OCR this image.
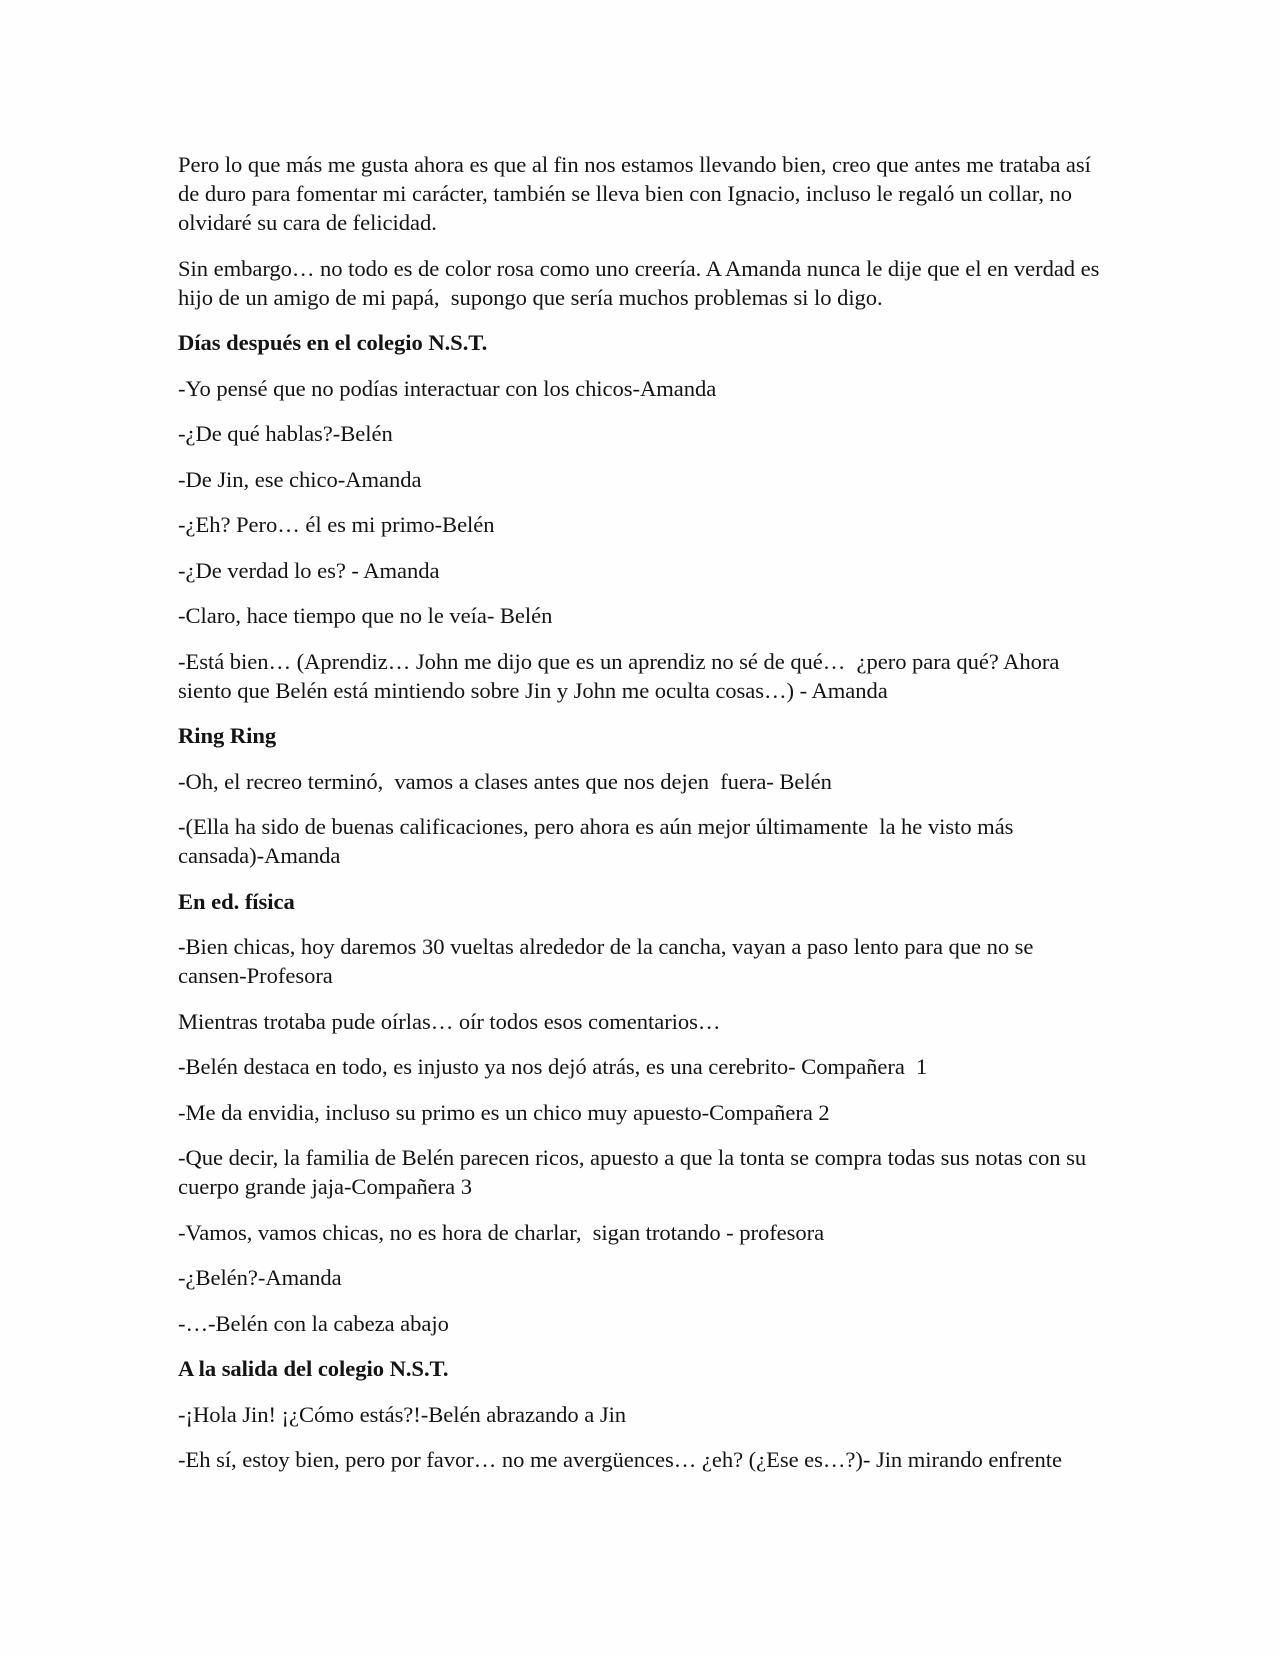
Pero lo que más me gusta ahora es que al fin nos estamos llevando bien, creo que antes me trataba así de duro para fomentar mi carácter, también se lleva bien con Ignacio, incluso le regaló un collar, no olvidaré su cara de felicidad.

Sin embargo… no todo es de color rosa como uno creería. A Amanda nunca le dije que el en verdad es hijo de un amigo de mi papá,  supongo que sería muchos problemas si lo digo.

Días después en el colegio N.S.T.

-Yo pensé que no podías interactuar con los chicos-Amanda

-¿De qué hablas?-Belén

-De Jin, ese chico-Amanda

-¿Eh? Pero… él es mi primo-Belén

-¿De verdad lo es? - Amanda

-Claro, hace tiempo que no le veía- Belén

-Está bien… (Aprendiz… John me dijo que es un aprendiz no sé de qué…  ¿pero para qué? Ahora siento que Belén está mintiendo sobre Jin y John me oculta cosas…) - Amanda

Ring Ring

-Oh, el recreo terminó,  vamos a clases antes que nos dejen  fuera- Belén

-(Ella ha sido de buenas calificaciones, pero ahora es aún mejor últimamente  la he visto más cansada)-Amanda

En ed. física

-Bien chicas, hoy daremos 30 vueltas alrededor de la cancha, vayan a paso lento para que no se cansen-Profesora

Mientras trotaba pude oírlas… oír todos esos comentarios…

-Belén destaca en todo, es injusto ya nos dejó atrás, es una cerebrito- Compañera  1

-Me da envidia, incluso su primo es un chico muy apuesto-Compañera 2

-Que decir, la familia de Belén parecen ricos, apuesto a que la tonta se compra todas sus notas con su cuerpo grande jaja-Compañera 3

-Vamos, vamos chicas, no es hora de charlar,  sigan trotando - profesora

-¿Belén?-Amanda

-…-Belén con la cabeza abajo

A la salida del colegio N.S.T.

-¡Hola Jin! ¡¿Cómo estás?!-Belén abrazando a Jin

-Eh sí, estoy bien, pero por favor… no me avergüences… ¿eh? (¿Ese es…?)- Jin mirando enfrente
